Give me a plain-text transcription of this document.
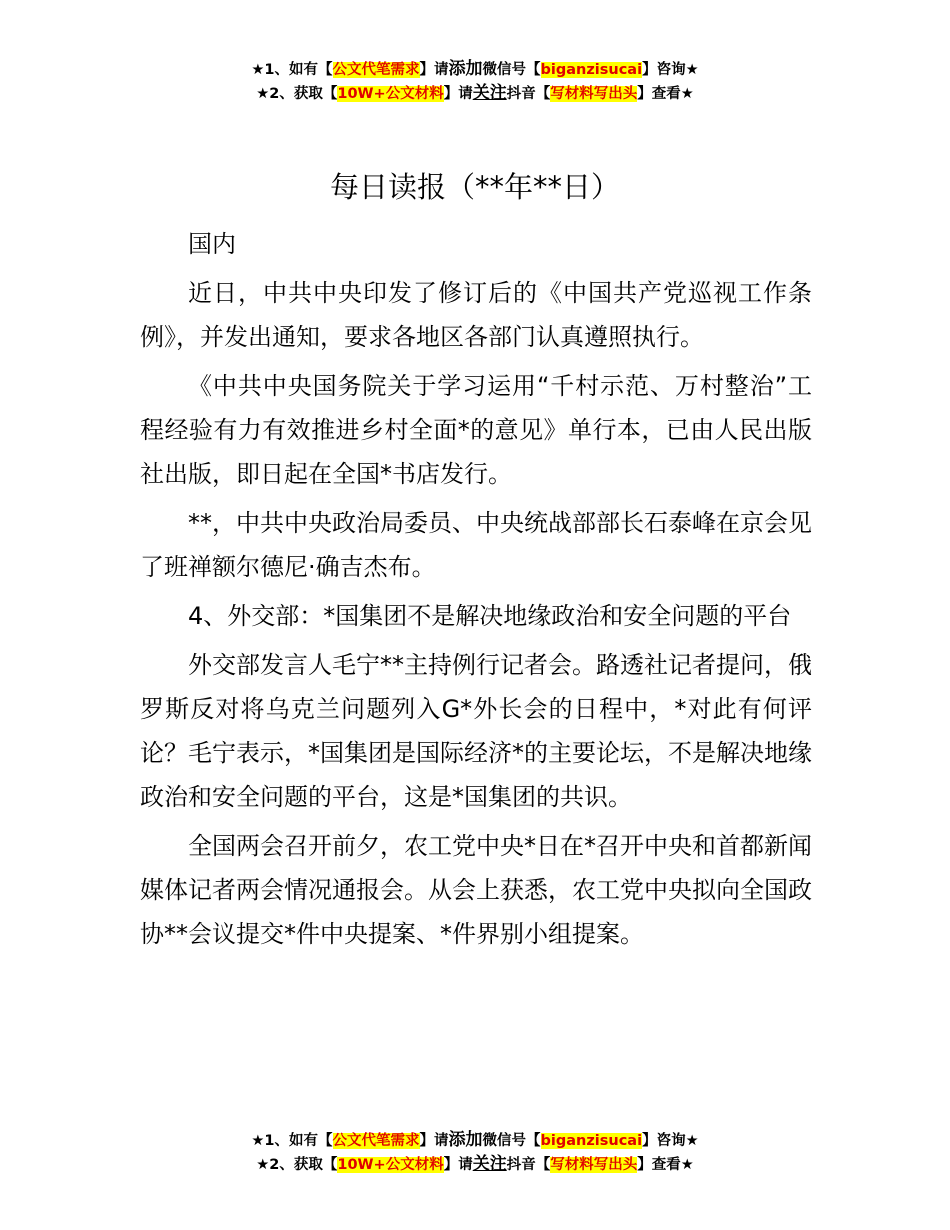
★1、如有【公文代笔需求】请添加微信号【biganzisucai】咨询★
★2、获取【10W+公文材料】请关注抖音【写材料写出头】查看★
每日读报（**年**日）

国内

近日，中共中央印发了修订后的《中国共产党巡视工作条例》，并发出通知，要求各地区各部门认真遵照执行。

《中共中央国务院关于学习运用“千村示范、万村整治”工程经验有力有效推进乡村全面*的意见》单行本，已由人民出版社出版，即日起在全国*书店发行。

**，中共中央政治局委员、中央统战部部长石泰峰在京会见了班禅额尔德尼·确吉杰布。

4、外交部：*国集团不是解决地缘政治和安全问题的平台

外交部发言人毛宁**主持例行记者会。路透社记者提问，俄罗斯反对将乌克兰问题列入G*外长会的日程中，*对此有何评论？毛宁表示，*国集团是国际经济*的主要论坛，不是解决地缘政治和安全问题的平台，这是*国集团的共识。

全国两会召开前夕，农工党中央*日在*召开中央和首都新闻媒体记者两会情况通报会。从会上获悉，农工党中央拟向全国政协**会议提交*件中央提案、*件界别小组提案。

★1、如有【公文代笔需求】请添加微信号【biganzisucai】咨询★
★2、获取【10W+公文材料】请关注抖音【写材料写出头】查看★
